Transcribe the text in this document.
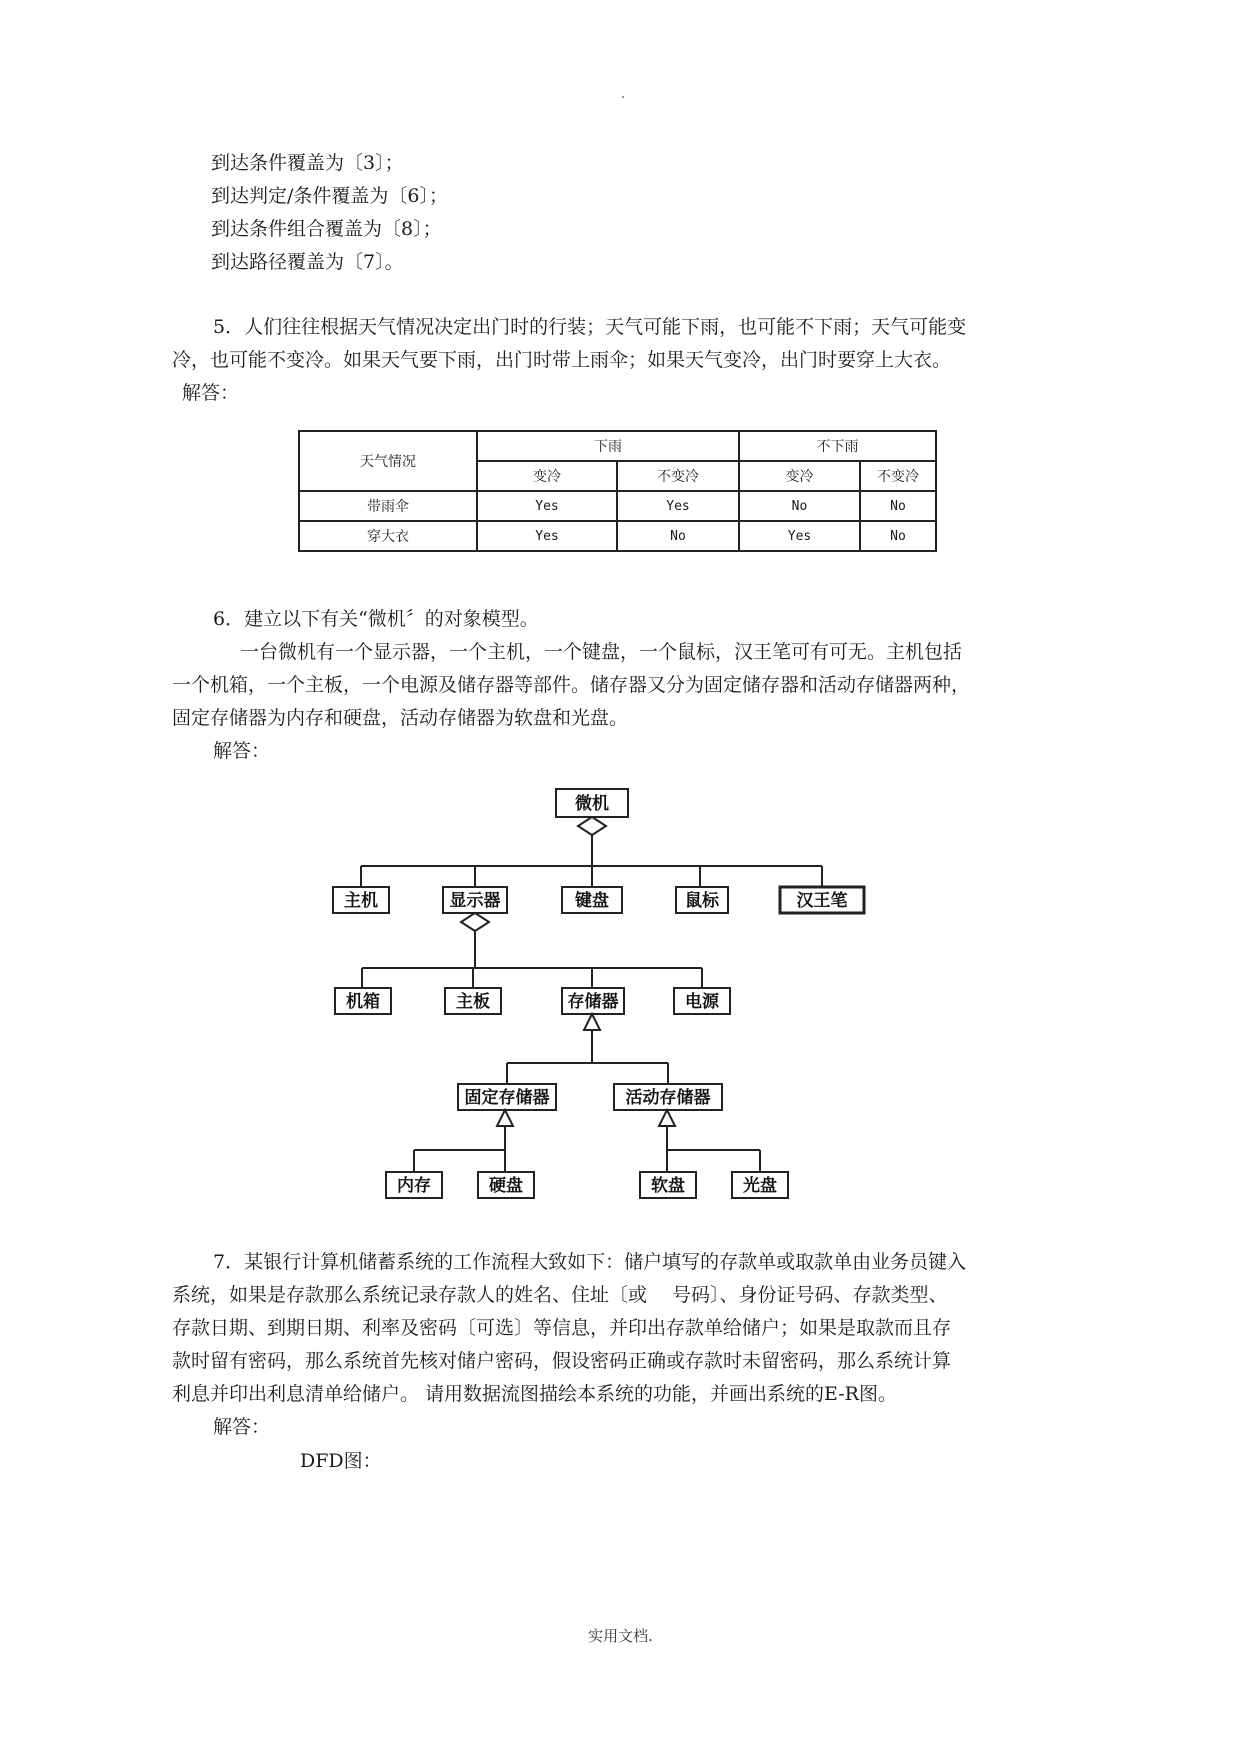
到达条件覆盖为〔3〕；
到达判定/条件覆盖为〔6〕；
到达条件组合覆盖为〔8〕；
到达路径覆盖为〔7〕。
5．人们往往根据天气情况决定出门时的行装；天气可能下雨，也可能不下雨；天气可能变
冷，也可能不变冷。如果天气要下雨，出门时带上雨伞；如果天气变冷，出门时要穿上大衣。
解答：
天气情况	下雨		不下雨	
	变冷	不变冷	变冷	不变冷
带雨伞	Yes	Yes	No	No
穿大衣	Yes	No	Yes	No
6．建立以下有关“微机〞的对象模型。
一台微机有一个显示器，一个主机，一个键盘，一个鼠标，汉王笔可有可无。主机包括
一个机箱，一个主板，一个电源及储存器等部件。储存器又分为固定储存器和活动存储器两种，
固定存储器为内存和硬盘，活动存储器为软盘和光盘。
解答：
微机
主机	显示器	键盘	鼠标	汉王笔
机箱	主板	存储器	电源
固定存储器	活动存储器
内存	硬盘	软盘	光盘
7．某银行计算机储蓄系统的工作流程大致如下：储户填写的存款单或取款单由业务员键入
系统，如果是存款那么系统记录存款人的姓名、住址〔或　 号码〕、身份证号码、存款类型、
存款日期、到期日期、利率及密码〔可选〕等信息，并印出存款单给储户；如果是取款而且存
款时留有密码，那么系统首先核对储户密码，假设密码正确或存款时未留密码，那么系统计算
利息并印出利息清单给储户。 请用数据流图描绘本系统的功能，并画出系统的E-R图。
解答：
DFD图：
实用文档.
